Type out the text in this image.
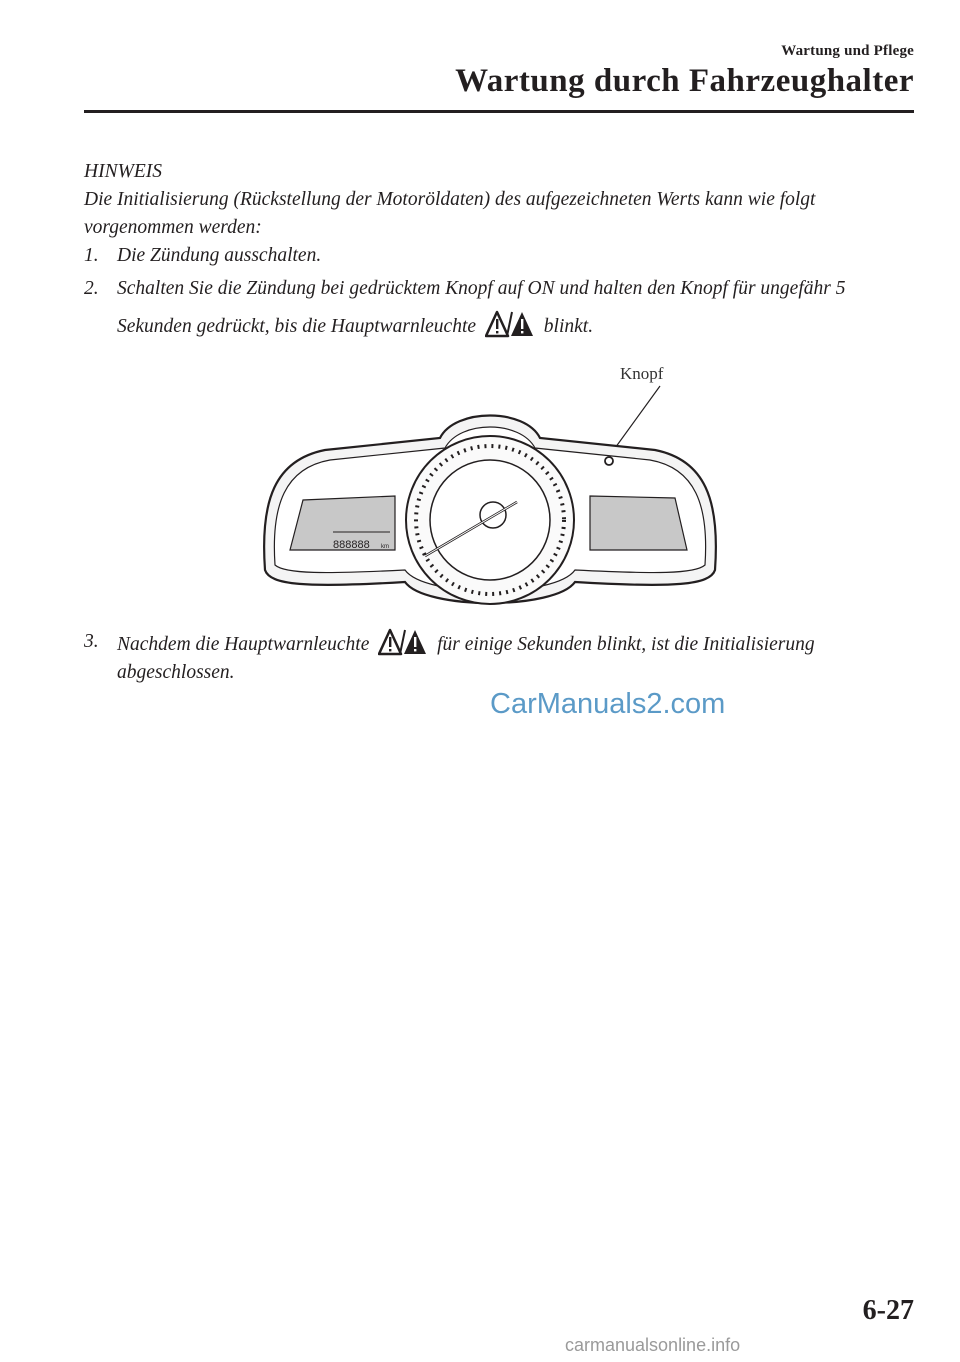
Wartung und Pflege
Wartung durch Fahrzeughalter

HINWEIS

Die Initialisierung (Rückstellung der Motoröldaten) des aufgezeichneten Werts kann wie folgt vorgenommen werden:

1. Die Zündung ausschalten.
2. Schalten Sie die Zündung bei gedrücktem Knopf auf ON und halten den Knopf für ungefähr 5 Sekunden gedrückt, bis die Hauptwarnleuchte	blinkt.
Knopf
888888 km
3. Nachdem die Hauptwarnleuchte	für einige Sekunden blinkt, ist die Initialisierung abgeschlossen.
CarManuals2.com
6-27
carmanualsonline.info
